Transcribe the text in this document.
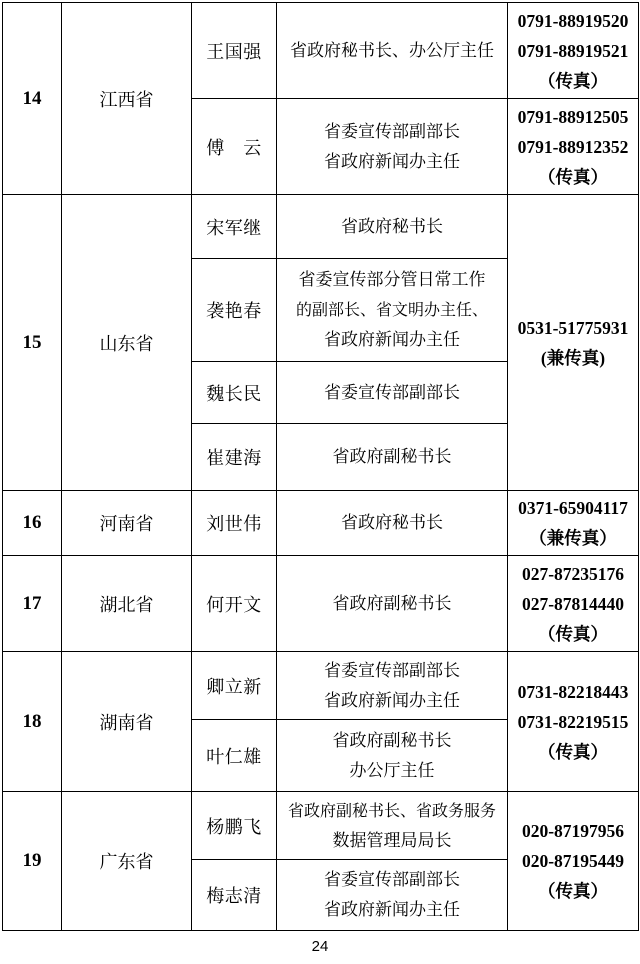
14	江西省	王国强	省政府秘书长、办公厅主任	0791-88919520
0791-88919521
（传真）

		傅　云	省委宣传部副部长
省政府新闻办主任	0791-88912505
0791-88912352
（传真）

15	山东省	宋军继	省政府秘书长	0531-51775931
(兼传真)

		袭艳春	省委宣传部分管日常工作
的副部长、省文明办主任、
省政府新闻办主任	

		魏长民	省委宣传部副部长	

		崔建海	省政府副秘书长	

16	河南省	刘世伟	省政府秘书长	0371-65904117
（兼传真）

17	湖北省	何开文	省政府副秘书长	027-87235176
027-87814440
（传真）

18	湖南省	卿立新	省委宣传部副部长
省政府新闻办主任	0731-82218443
0731-82219515
（传真）

		叶仁雄	省政府副秘书长
办公厅主任	

19	广东省	杨鹏飞	省政府副秘书长、省政务服务
数据管理局局长	020-87197956
020-87195449
（传真）

		梅志清	省委宣传部副部长
省政府新闻办主任	
24
